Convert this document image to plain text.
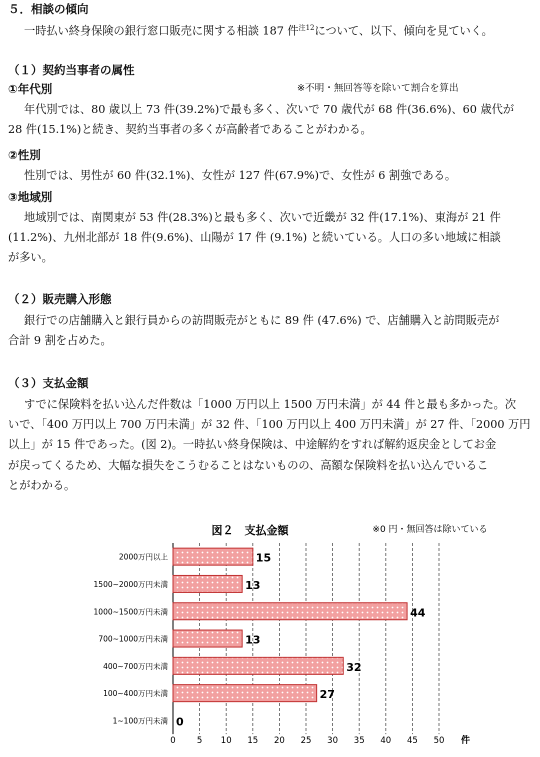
５．相談の傾向
一時払い終身保険の銀行窓口販売に関する相談 187 件$^{注12}$について、以下、傾向を見ていく。
（１）契約当事者の属性
※不明・無回答等を除いて割合を算出
①年代別
年代別では、80 歳以上 73 件(39.2%)で最も多く、次いで 70 歳代が 68 件(36.6%)、60 歳代が
28 件(15.1%)と続き、契約当事者の多くが高齢者であることがわかる。
②性別
性別では、男性が 60 件(32.1%)、女性が 127 件(67.9%)で、女性が 6 割強である。
③地域別
地域別では、南関東が 53 件(28.3%)と最も多く、次いで近畿が 32 件(17.1%)、東海が 21 件
(11.2%)、九州北部が 18 件(9.6%)、山陽が 17 件 (9.1%) と続いている。人口の多い地域に相談
が多い。
（２）販売購入形態
銀行での店舗購入と銀行員からの訪問販売がともに 89 件 (47.6%) で、店舗購入と訪問販売が
合計 9 割を占めた。
（３）支払金額
すでに保険料を払い込んだ件数は「1000 万円以上 1500 万円未満」が 44 件と最も多かった。次
いで、「400 万円以上 700 万円未満」が 32 件、「100 万円以上 400 万円未満」が 27 件、「2000 万円
以上」が 15 件であった。(図 2)。一時払い終身保険は、中途解約をすれば解約返戻金としてお金
が戻ってくるため、大幅な損失をこうむることはないものの、高額な保険料を払い込んでいるこ
とがわかる。
図２　支払金額	※0 円・無回答は除いている
15
13
44
13
32
27
0
2000万円以上
1500~2000万円未満
1000~1500万円未満
700~1000万円未満
400~700万円未満
100~400万円未満
1~100万円未満
0 5 10 15 20 25 30 35 40 45 50 件
